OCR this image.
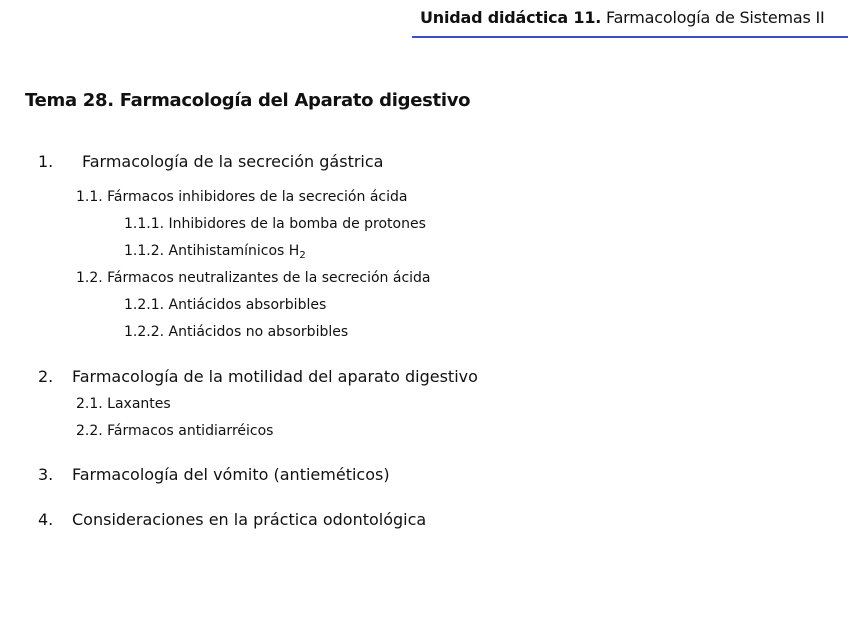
Unidad didáctica 11. Farmacología de Sistemas II
Tema 28. Farmacología del Aparato digestivo
1. Farmacología de la secreción gástrica
1.1. Fármacos inhibidores de la secreción ácida
1.1.1. Inhibidores de la bomba de protones
1.1.2. Antihistamínicos $H_2$
1.2. Fármacos neutralizantes de la secreción ácida
1.2.1. Antiácidos absorbibles
1.2.2. Antiácidos no absorbibles
2. Farmacología de la motilidad del aparato digestivo
2.1. Laxantes
2.2. Fármacos antidiarréicos
3. Farmacología del vómito (antieméticos)
4. Consideraciones en la práctica odontológica
